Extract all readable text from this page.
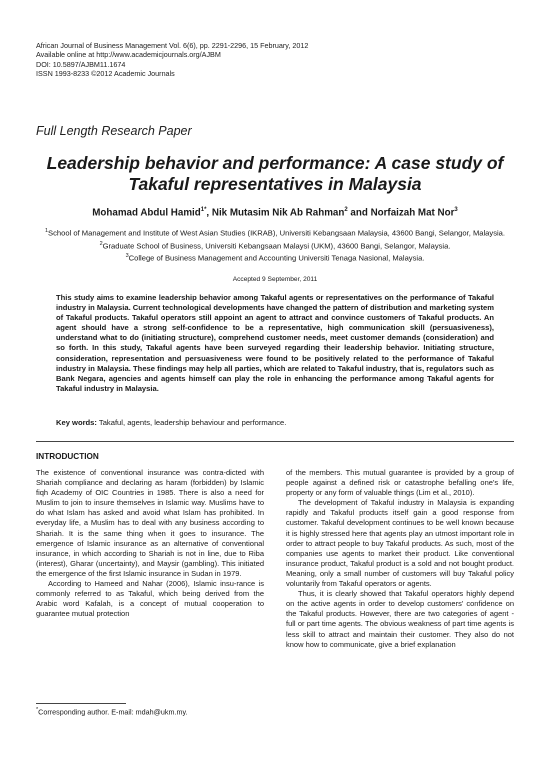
African Journal of Business Management Vol. 6(6), pp. 2291-2296, 15 February, 2012
Available online at http://www.academicjournals.org/AJBM
DOI: 10.5897/AJBM11.1674
ISSN 1993-8233 ©2012 Academic Journals
Full Length Research Paper
Leadership behavior and performance: A case study of Takaful representatives in Malaysia
Mohamad Abdul Hamid$^{1*}$, Nik Mutasim Nik Ab Rahman$^2$ and Norfaizah Mat Nor$^3$
$^1$School of Management and Institute of West Asian Studies (IKRAB), Universiti Kebangsaan Malaysia, 43600 Bangi, Selangor, Malaysia.
$^2$Graduate School of Business, Universiti Kebangsaan Malaysi (UKM), 43600 Bangi, Selangor, Malaysia.
$^3$College of Business Management and Accounting Universiti Tenaga Nasional, Malaysia.
Accepted 9 September, 2011
This study aims to examine leadership behavior among Takaful agents or representatives on the performance of Takaful industry in Malaysia. Current technological developments have changed the pattern of distribution and marketing system of Takaful products. Takaful operators still appoint an agent to attract and convince customers of Takaful products. An agent should have a strong self-confidence to be a representative, high communication skill (persuasiveness), understand what to do (initiating structure), comprehend customer needs, meet customer demands (consideration) and so forth. In this study, Takaful agents have been surveyed regarding their leadership behavior. Initiating structure, consideration, representation and persuasiveness were found to be positively related to the performance of Takaful industry in Malaysia. These findings may help all parties, which are related to Takaful industry, that is, regulators such as Bank Negara, agencies and agents himself can play the role in enhancing the performance among Takaful agents for Takaful industry in Malaysia.
Key words: Takaful, agents, leadership behaviour and performance.
INTRODUCTION

The existence of conventional insurance was contra-dicted with Shariah compliance and declaring as haram (forbidden) by Islamic fiqh Academy of OIC Countries in 1985. There is also a need for Muslim to join to insure themselves in Islamic way. Muslims have to do what Islam has asked and avoid what Islam has prohibited. In everyday life, a Muslim has to deal with any business according to Shariah. It is the same thing when it goes to insurance. The emergence of Islamic insurance as an alternative of conventional insurance, in which according to Shariah is not in line, due to Riba (interest), Gharar (uncertainty), and Maysir (gambling). This initiated the emergence of the first Islamic insurance in Sudan in 1979.

According to Hameed and Nahar (2006), Islamic insu-rance is commonly referred to as Takaful, which being derived from the Arabic word Kafalah, is a concept of mutual cooperation to guarantee mutual protection

of the members. This mutual guarantee is provided by a group of people against a defined risk or catastrophe befalling one's life, property or any form of valuable things (Lim et al., 2010).

The development of Takaful industry in Malaysia is expanding rapidly and Takaful products itself gain a good response from customer. Takaful development continues to be well known because it is highly stressed here that agents play an utmost important role in order to attract people to buy Takaful products. As such, most of the companies use agents to market their product. Like conventional insurance product, Takaful product is a sold and not bought product. Meaning, only a small number of customers will buy Takaful policy voluntarily from Takaful operators or agents.

Thus, it is clearly showed that Takaful operators highly depend on the active agents in order to develop customers' confidence on the Takaful products. However, there are two categories of agent - full or part time agents. The obvious weakness of part time agents is less skill to attract and maintain their customer. They also do not know how to communicate, give a brief explanation

*Corresponding author. E-mail: mdah@ukm.my.
